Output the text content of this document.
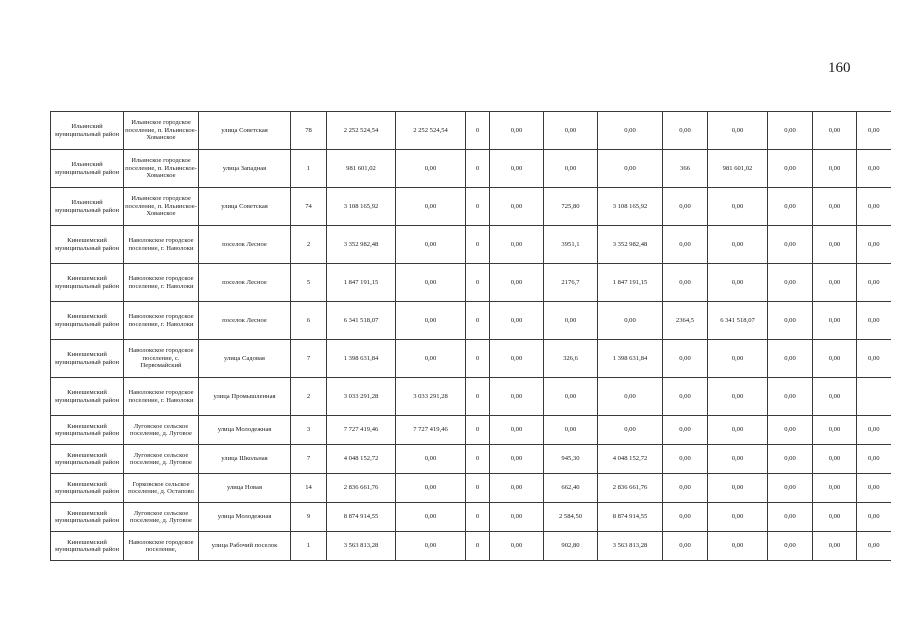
160
Ильинский муниципальный район	Ильинское городское поселение, п. Ильинское-Хованское	улица Советская	78	2 252 524,54	2 252 524,54	0	0,00	0,00	0,00	0,00	0,00	0,00	0,00	0,00
Ильинский муниципальный район	Ильинское городское поселение, п. Ильинское-Хованское	улица Западная	1	981 601,02	0,00	0	0,00	0,00	0,00	366	981 601,02	0,00	0,00	0,00
Ильинский муниципальный район	Ильинское городское поселение, п. Ильинское-Хованское	улица Советская	74	3 108 165,92	0,00	0	0,00	725,80	3 108 165,92	0,00	0,00	0,00	0,00	0,00
Кинешемский муниципальный район	Наволокское городское поселение, г. Наволоки	поселок Лесное	2	3 352 982,48	0,00	0	0,00	3951,1	3 352 982,48	0,00	0,00	0,00	0,00	0,00
Кинешемский муниципальный район	Наволокское городское поселение, г. Наволоки	поселок Лесное	5	1 847 191,15	0,00	0	0,00	2176,7	1 847 191,15	0,00	0,00	0,00	0,00	0,00
Кинешемский муниципальный район	Наволокское городское поселение, г. Наволоки	поселок Лесное	6	6 341 518,07	0,00	0	0,00	0,00	0,00	2364,5	6 341 518,07	0,00	0,00	0,00
Кинешемский муниципальный район	Наволокское городское поселение, с. Первомайский	улица Садовая	7	1 398 631,84	0,00	0	0,00	326,6	1 398 631,84	0,00	0,00	0,00	0,00	0,00
Кинешемский муниципальный район	Наволокское городское поселение, г. Наволоки	улица Промышленная	2	3 033 291,28	3 033 291,28	0	0,00	0,00	0,00	0,00	0,00	0,00	0,00	
Кинешемский муниципальный район	Луговское сельское поселение, д. Луговое	улица Молодежная	3	7 727 419,46	7 727 419,46	0	0,00	0,00	0,00	0,00	0,00	0,00	0,00	0,00
Кинешемский муниципальный район	Луговское сельское поселение, д. Луговое	улица Школьная	7	4 048 152,72	0,00	0	0,00	945,30	4 048 152,72	0,00	0,00	0,00	0,00	0,00
Кинешемский муниципальный район	Горковское сельское поселение, д. Остапово	улица Новая	14	2 836 661,76	0,00	0	0,00	662,40	2 836 661,76	0,00	0,00	0,00	0,00	0,00
Кинешемский муниципальный район	Луговское сельское поселение, д. Луговое	улица Молодежная	9	8 874 914,55	0,00	0	0,00	2 584,50	8 874 914,55	0,00	0,00	0,00	0,00	0,00
Кинешемский муниципальный район	Наволокское городское поселение,	улица Рабочий поселок	1	3 563 813,28	0,00	0	0,00	902,80	3 563 813,28	0,00	0,00	0,00	0,00	0,00
